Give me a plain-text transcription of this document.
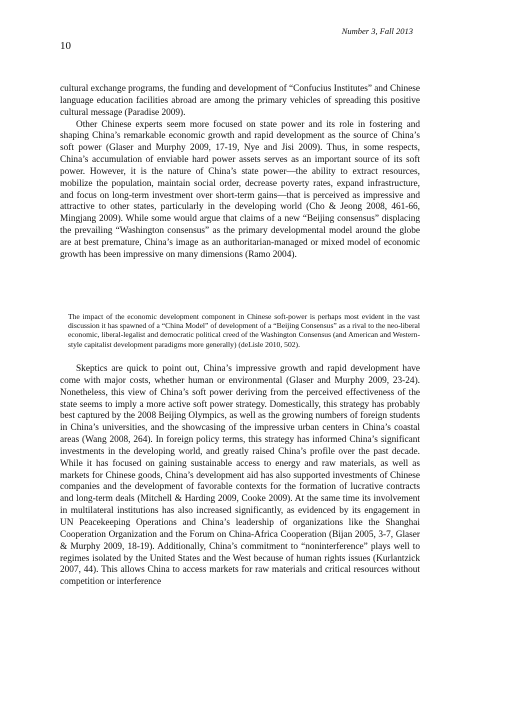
Number 3, Fall 2013
10

cultural exchange programs, the funding and development of “Confucius Institutes” and Chinese language education facilities abroad are among the primary vehicles of spreading this positive cultural message (Paradise 2009).

Other Chinese experts seem more focused on state power and its role in fostering and shaping China’s remarkable economic growth and rapid development as the source of China’s soft power (Glaser and Murphy 2009, 17-19, Nye and Jisi 2009). Thus, in some respects, China’s accumulation of enviable hard power assets serves as an important source of its soft power. However, it is the nature of China’s state power—the ability to extract resources, mobilize the population, maintain social order, decrease poverty rates, expand infrastructure, and focus on long-term investment over short-term gains—that is perceived as impressive and attractive to other states, particularly in the developing world (Cho & Jeong 2008, 461-66, Mingjang 2009). While some would argue that claims of a new “Beijing consensus” displacing the prevailing “Washington consensus” as the primary developmental model around the globe are at best premature, China’s image as an authoritarian-managed or mixed model of economic growth has been impressive on many dimensions (Ramo 2004).

The impact of the economic development component in Chinese soft-power is perhaps most evident in the vast discussion it has spawned of a “China Model” of development of a “Beijing Consensus” as a rival to the neo-liberal economic, liberal-legalist and democratic political creed of the Washington Consensus (and American and Western-style capitalist development paradigms more generally) (deLisle 2010, 502).

Skeptics are quick to point out, China’s impressive growth and rapid development have come with major costs, whether human or environmental (Glaser and Murphy 2009, 23-24). Nonetheless, this view of China’s soft power deriving from the perceived effectiveness of the state seems to imply a more active soft power strategy. Domestically, this strategy has probably best captured by the 2008 Beijing Olympics, as well as the growing numbers of foreign students in China’s universities, and the showcasing of the impressive urban centers in China’s coastal areas (Wang 2008, 264). In foreign policy terms, this strategy has informed China’s significant investments in the developing world, and greatly raised China’s profile over the past decade. While it has focused on gaining sustainable access to energy and raw materials, as well as markets for Chinese goods, China’s development aid has also supported investments of Chinese companies and the development of favorable contexts for the formation of lucrative contracts and long-term deals (Mitchell & Harding 2009, Cooke 2009). At the same time its involvement in multilateral institutions has also increased significantly, as evidenced by its engagement in UN Peacekeeping Operations and China’s leadership of organizations like the Shanghai Cooperation Organization and the Forum on China-Africa Cooperation (Bijan 2005, 3-7, Glaser & Murphy 2009, 18-19). Additionally, China’s commitment to “noninterference” plays well to regimes isolated by the United States and the West because of human rights issues (Kurlantzick 2007, 44). This allows China to access markets for raw materials and critical resources without competition or interference
